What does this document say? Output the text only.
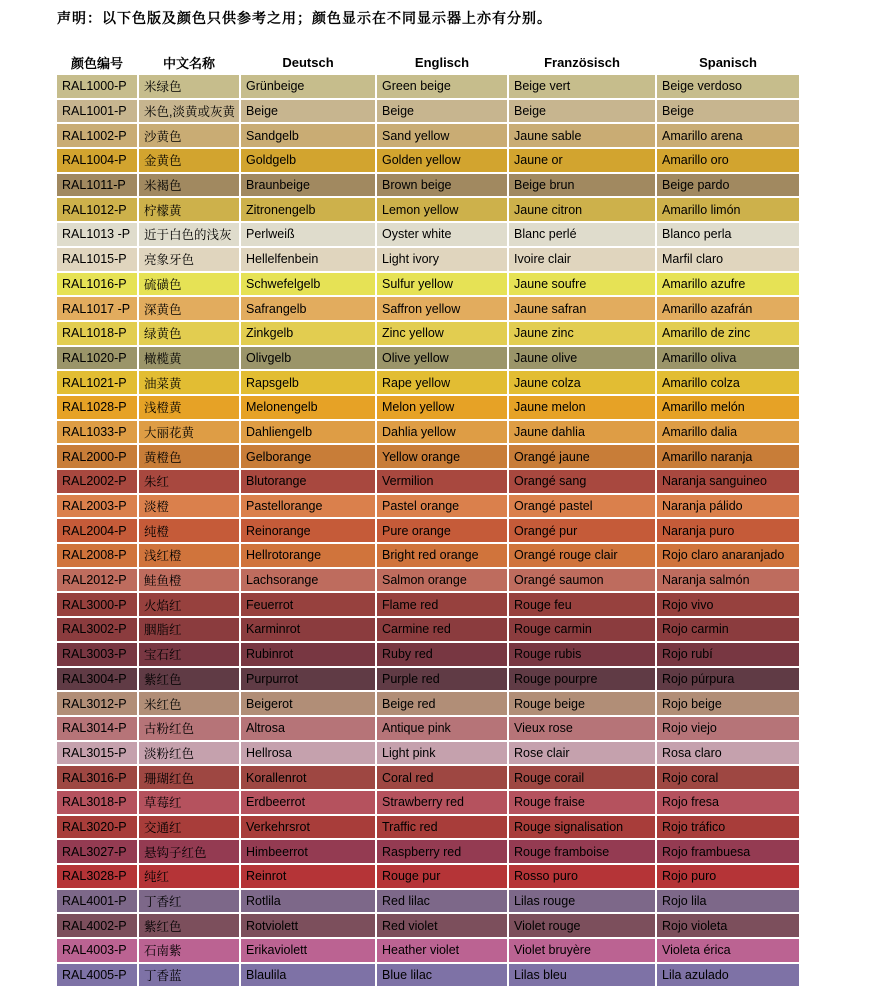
声明：以下色版及颜色只供参考之用；颜色显示在不同显示器上亦有分别。
颜色编号	中文名称	Deutsch	Englisch	Französisch	Spanisch
RAL1000-P	米绿色	Grünbeige	Green beige	Beige vert	Beige verdoso
RAL1001-P	米色,淡黄或灰黄	Beige	Beige	Beige	Beige
RAL1002-P	沙黄色	Sandgelb	Sand yellow	Jaune sable	Amarillo arena
RAL1004-P	金黄色	Goldgelb	Golden yellow	Jaune or	Amarillo oro
RAL1011-P	米褐色	Braunbeige	Brown beige	Beige brun	Beige pardo
RAL1012-P	柠檬黄	Zitronengelb	Lemon yellow	Jaune citron	Amarillo limón
RAL1013 -P	近于白色的浅灰	Perlweiß	Oyster white	Blanc perlé	Blanco perla
RAL1015-P	亮象牙色	Hellelfenbein	Light ivory	Ivoire clair	Marfil claro
RAL1016-P	硫磺色	Schwefelgelb	Sulfur yellow	Jaune soufre	Amarillo azufre
RAL1017 -P	深黄色	Safrangelb	Saffron yellow	Jaune safran	Amarillo azafrán
RAL1018-P	绿黄色	Zinkgelb	Zinc yellow	Jaune zinc	Amarillo de zinc
RAL1020-P	橄榄黄	Olivgelb	Olive yellow	Jaune olive	Amarillo oliva
RAL1021-P	油菜黄	Rapsgelb	Rape yellow	Jaune colza	Amarillo colza
RAL1028-P	浅橙黄	Melonengelb	Melon yellow	Jaune melon	Amarillo melón
RAL1033-P	大丽花黄	Dahliengelb	Dahlia yellow	Jaune dahlia	Amarillo dalia
RAL2000-P	黄橙色	Gelborange	Yellow orange	Orangé jaune	Amarillo naranja
RAL2002-P	朱红	Blutorange	Vermilion	Orangé sang	Naranja sanguineo
RAL2003-P	淡橙	Pastellorange	Pastel orange	Orangé pastel	Naranja pálido
RAL2004-P	纯橙	Reinorange	Pure orange	Orangé pur	Naranja puro
RAL2008-P	浅红橙	Hellrotorange	Bright red orange	Orangé rouge clair	Rojo claro anaranjado
RAL2012-P	鲑鱼橙	Lachsorange	Salmon orange	Orangé saumon	Naranja salmón
RAL3000-P	火焰红	Feuerrot	Flame red	Rouge feu	Rojo vivo
RAL3002-P	胭脂红	Karminrot	Carmine red	Rouge carmin	Rojo carmin
RAL3003-P	宝石红	Rubinrot	Ruby red	Rouge rubis	Rojo rubí
RAL3004-P	紫红色	Purpurrot	Purple red	Rouge pourpre	Rojo púrpura
RAL3012-P	米红色	Beigerot	Beige red	Rouge beige	Rojo beige
RAL3014-P	古粉红色	Altrosa	Antique pink	Vieux rose	Rojo viejo
RAL3015-P	淡粉红色	Hellrosa	Light pink	Rose clair	Rosa claro
RAL3016-P	珊瑚红色	Korallenrot	Coral red	Rouge corail	Rojo coral
RAL3018-P	草莓红	Erdbeerrot	Strawberry red	Rouge fraise	Rojo fresa
RAL3020-P	交通红	Verkehrsrot	Traffic red	Rouge signalisation	Rojo tráfico
RAL3027-P	悬钩子红色	Himbeerrot	Raspberry red	Rouge framboise	Rojo frambuesa
RAL3028-P	纯红	Reinrot	Rouge pur	Rosso puro	Rojo puro
RAL4001-P	丁香红	Rotlila	Red lilac	Lilas rouge	Rojo lila
RAL4002-P	紫红色	Rotviolett	Red violet	Violet rouge	Rojo violeta
RAL4003-P	石南紫	Erikaviolett	Heather violet	Violet bruyère	Violeta érica
RAL4005-P	丁香蓝	Blaulila	Blue lilac	Lilas bleu	Lila azulado
